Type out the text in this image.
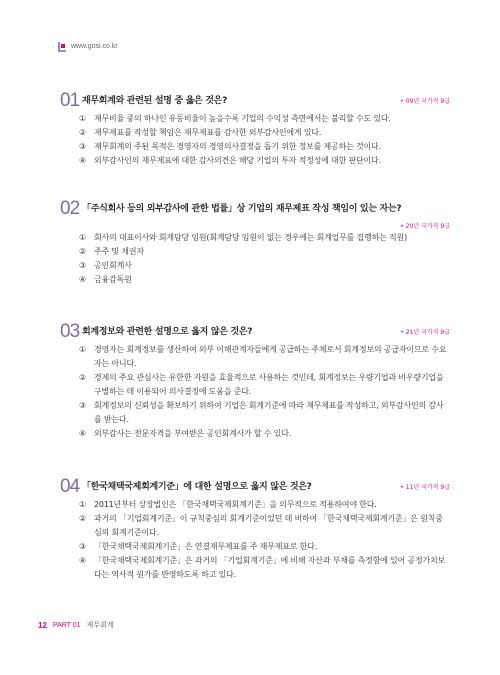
www.gosi.co.kr
01 재무회계와 관련된 설명 중 옳은 것은?	• 09년 국가직 9급
①	재무비율 중의 하나인 유동비율이 높을수록 기업의 수익성 측면에서는 불리할 수도 있다.
②	재무제표를 작성할 책임은 재무제표를 감사한 외부감사인에게 있다.
③	재무회계의 주된 목적은 경영자의 경영의사결정을 돕기 위한 정보를 제공하는 것이다.
④	외부감사인의 재무제표에 대한 감사의견은 해당 기업의 투자 적정성에 대한 판단이다.
02 「주식회사 등의 외부감사에 관한 법률」상 기업의 재무제표 작성 책임이 있는 자는?
• 20년 국가직 9급
①	회사의 대표이사와 회계담당 임원(회계담당 임원이 없는 경우에는 회계업무를 집행하는 직원)
②	주주 및 채권자
③	공인회계사
④	금융감독원
03 회계정보와 관련한 설명으로 옳지 않은 것은?	• 21년 국가직 9급
①	경영자는 회계정보를 생산하여 외부 이해관계자들에게 공급하는 주체로서 회계정보의 공급자이므로 수요자는 아니다.
②	경제의 주요 관심사는 유한한 자원을 효율적으로 사용하는 것인데, 회계정보는 우량기업과 비우량기업을 구별하는 데 이용되어 의사결정에 도움을 준다.
③	회계정보의 신뢰성을 확보하기 위하여 기업은 회계기준에 따라 재무제표를 작성하고, 외부감사인의 감사를 받는다.
④	외부감사는 전문자격을 부여받은 공인회계사가 할 수 있다.
04 「한국채택국제회계기준」에 대한 설명으로 옳지 않은 것은?	• 11년 국가직 9급
①	2011년부터 상장법인은 「한국채택국제회계기준」을 의무적으로 적용하여야 한다.
②	과거의 「기업회계기준」이 규칙중심의 회계기준이었던 데 비하여 「한국채택국제회계기준」은 원칙중심의 회계기준이다.
③	「한국채택국제회계기준」은 연결재무제표를 주 재무제표로 한다.
④	「한국채택국제회계기준」은 과거의 「기업회계기준」에 비해 자산과 부채를 측정함에 있어 공정가치보다는 역사적 원가를 반영하도록 하고 있다.
12 PART 01 재무회계
